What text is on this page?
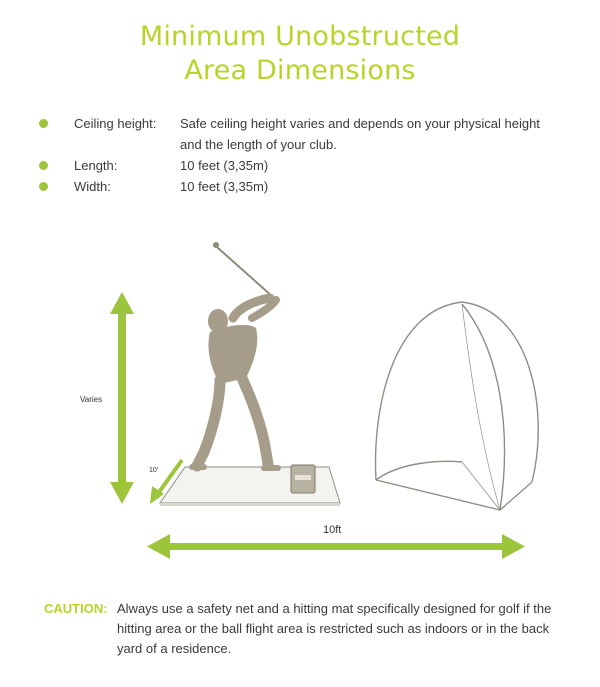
Minimum Unobstructed
Area Dimensions
Ceiling height: Safe ceiling height varies and depends on your physical height and the length of your club.
Length:	10 feet (3,35m)
Width:	10 feet (3,35m)
Varies
10′
10ft
CAUTION: Always use a safety net and a hitting mat specifically designed for golf if the hitting area or the ball flight area is restricted such as indoors or in the back yard of a residence.
